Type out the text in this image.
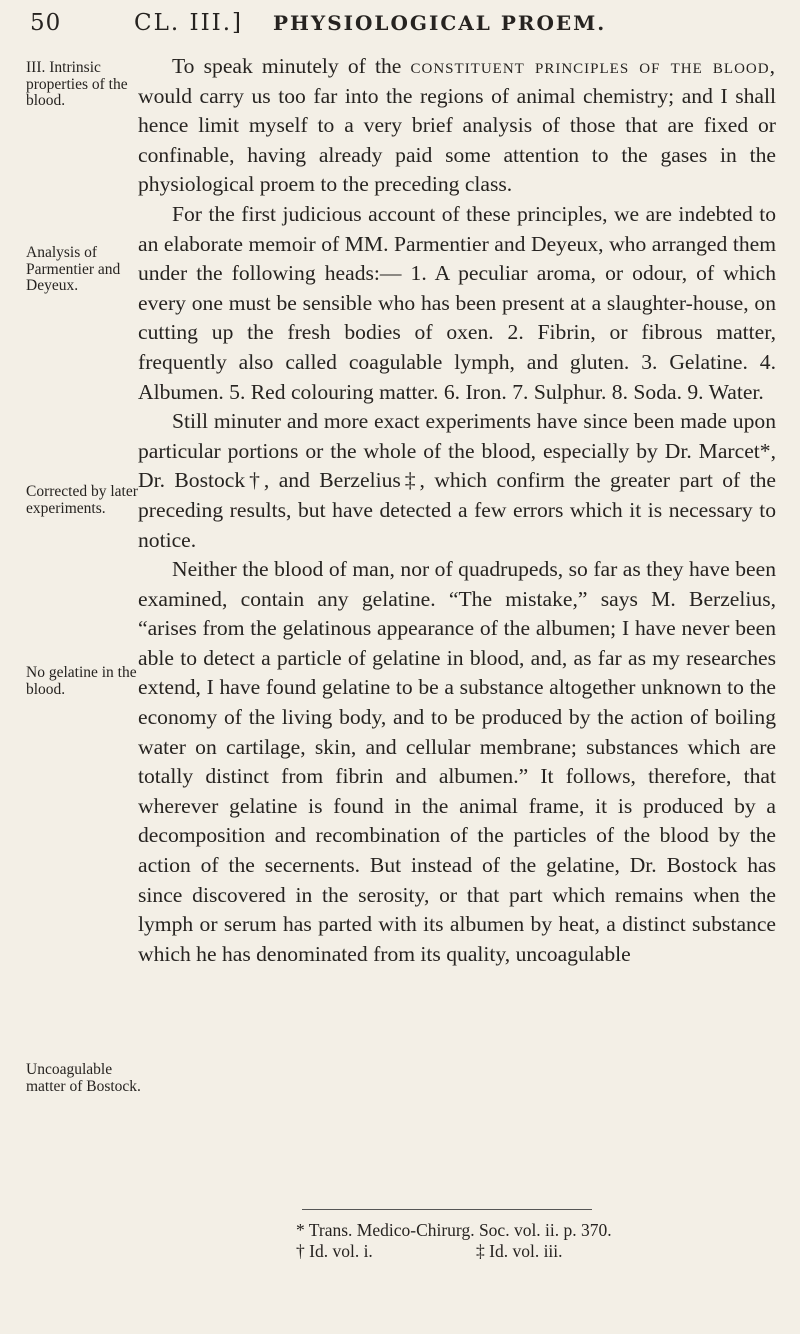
50	CL. III.] PHYSIOLOGICAL PROEM.
III. Intrinsic properties of the blood.
Analysis of Parmentier and Deyeux.
Corrected by later experiments.
No gelatine in the blood.
Uncoagulable matter of Bostock.

To speak minutely of the constituent principles of the blood, would carry us too far into the regions of animal chemistry; and I shall hence limit myself to a very brief analysis of those that are fixed or confinable, having already paid some attention to the gases in the physiological proem to the preceding class.

For the first judicious account of these principles, we are indebted to an elaborate memoir of MM. Parmentier and Deyeux, who arranged them under the following heads:— 1. A peculiar aroma, or odour, of which every one must be sensible who has been present at a slaughter-house, on cutting up the fresh bodies of oxen. 2. Fibrin, or fibrous matter, frequently also called coagulable lymph, and gluten. 3. Gelatine. 4. Albumen. 5. Red colouring matter. 6. Iron. 7. Sulphur. 8. Soda. 9. Water.

Still minuter and more exact experiments have since been made upon particular portions or the whole of the blood, especially by Dr. Marcet*, Dr. Bostock†, and Berzelius‡, which confirm the greater part of the preceding results, but have detected a few errors which it is necessary to notice.

Neither the blood of man, nor of quadrupeds, so far as they have been examined, contain any gelatine. “The mistake,” says M. Berzelius, “arises from the gelatinous appearance of the albumen; I have never been able to detect a particle of gelatine in blood, and, as far as my researches extend, I have found gelatine to be a substance altogether unknown to the economy of the living body, and to be produced by the action of boiling water on cartilage, skin, and cellular membrane; substances which are totally distinct from fibrin and albumen.” It follows, therefore, that wherever gelatine is found in the animal frame, it is produced by a decomposition and recombination of the particles of the blood by the action of the secernents. But instead of the gelatine, Dr. Bostock has since discovered in the serosity, or that part which remains when the lymph or serum has parted with its albumen by heat, a distinct substance which he has denominated from its quality, uncoagulable

* Trans. Medico-Chirurg. Soc. vol. ii. p. 370.
† Id. vol. i.	‡ Id. vol. iii.
